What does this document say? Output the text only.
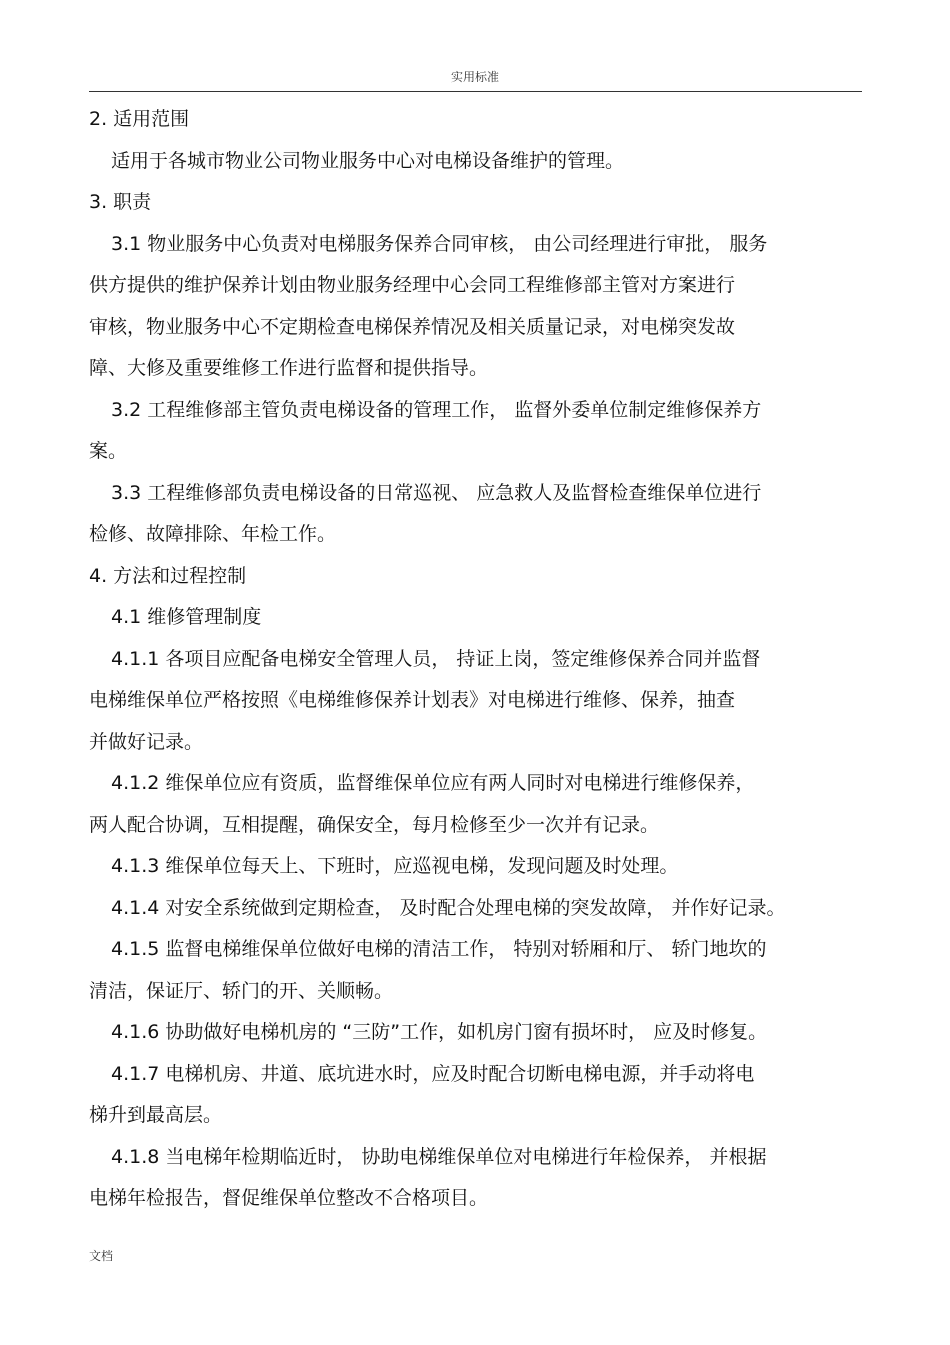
实用标准
2. 适用范围
适用于各城市物业公司物业服务中心对电梯设备维护的管理。
3. 职责
3.1 物业服务中心负责对电梯服务保养合同审核， 由公司经理进行审批， 服务
供方提供的维护保养计划由物业服务经理中心会同工程维修部主管对方案进行
审核，物业服务中心不定期检查电梯保养情况及相关质量记录，对电梯突发故
障、大修及重要维修工作进行监督和提供指导。
3.2 工程维修部主管负责电梯设备的管理工作， 监督外委单位制定维修保养方
案。
3.3 工程维修部负责电梯设备的日常巡视、 应急救人及监督检查维保单位进行
检修、故障排除、年检工作。
4. 方法和过程控制
4.1 维修管理制度
4.1.1 各项目应配备电梯安全管理人员， 持证上岗，签定维修保养合同并监督
电梯维保单位严格按照《电梯维修保养计划表》对电梯进行维修、保养，抽查
并做好记录。
4.1.2 维保单位应有资质，监督维保单位应有两人同时对电梯进行维修保养，
两人配合协调，互相提醒，确保安全，每月检修至少一次并有记录。
4.1.3 维保单位每天上、下班时，应巡视电梯，发现问题及时处理。
4.1.4 对安全系统做到定期检查， 及时配合处理电梯的突发故障， 并作好记录。
4.1.5 监督电梯维保单位做好电梯的清洁工作， 特别对轿厢和厅、 轿门地坎的
清洁，保证厅、轿门的开、关顺畅。
4.1.6 协助做好电梯机房的 “三防”工作，如机房门窗有损坏时， 应及时修复。
4.1.7 电梯机房、井道、底坑进水时，应及时配合切断电梯电源，并手动将电
梯升到最高层。
4.1.8 当电梯年检期临近时， 协助电梯维保单位对电梯进行年检保养， 并根据
电梯年检报告，督促维保单位整改不合格项目。
文档
